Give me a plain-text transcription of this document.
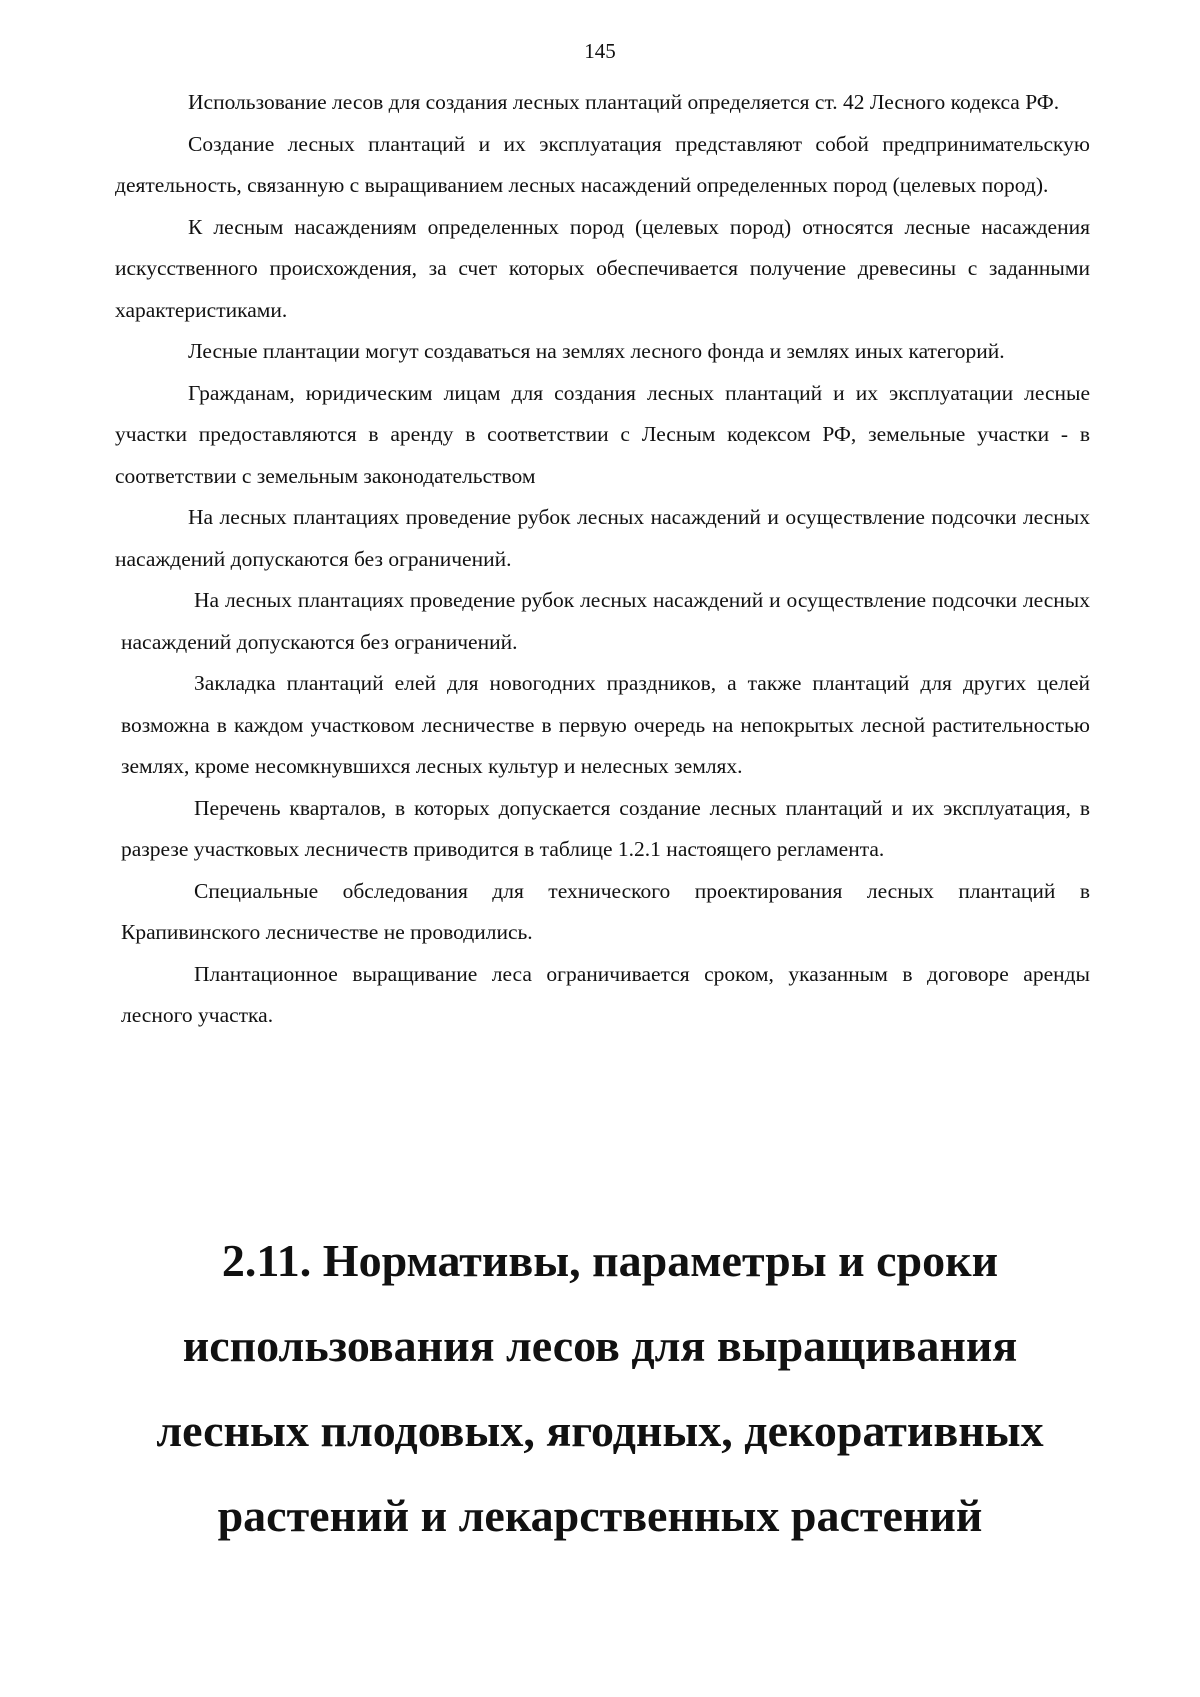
145

Использование лесов для создания лесных плантаций определяется ст. 42 Лесного кодекса РФ.

Создание лесных плантаций и их эксплуатация представляют собой предпринимательскую деятельность, связанную с выращиванием лесных насаждений определенных пород (целевых пород).

К лесным насаждениям определенных пород (целевых пород) относятся лесные насаждения искусственного происхождения, за счет которых обеспечивается получение древесины с заданными характеристиками.

Лесные плантации могут создаваться на землях лесного фонда и землях иных категорий.

Гражданам, юридическим лицам для создания лесных плантаций и их эксплуатации лесные участки предоставляются в аренду в соответствии с Лесным кодексом РФ, земельные участки - в соответствии с земельным законодательством

На лесных плантациях проведение рубок лесных насаждений и осуществление подсочки лесных насаждений допускаются без ограничений.

На лесных плантациях проведение рубок лесных насаждений и осуществление подсочки лесных насаждений допускаются без ограничений.

Закладка плантаций елей для новогодних праздников, а также плантаций для других целей возможна в каждом участковом лесничестве в первую очередь на непокрытых лесной растительностью землях, кроме несомкнувшихся лесных культур и нелесных землях.

Перечень кварталов, в которых допускается создание лесных плантаций и их эксплуатация, в разрезе участковых лесничеств приводится в таблице 1.2.1 настоящего регламента.

Специальные обследования для технического проектирования лесных плантаций в Крапивинского лесничестве не проводились.

Плантационное выращивание леса ограничивается сроком, указанным в договоре аренды лесного участка.

2.11. Нормативы, параметры и сроки
использования лесов для выращивания
лесных плодовых, ягодных, декоративных
растений и лекарственных растений
